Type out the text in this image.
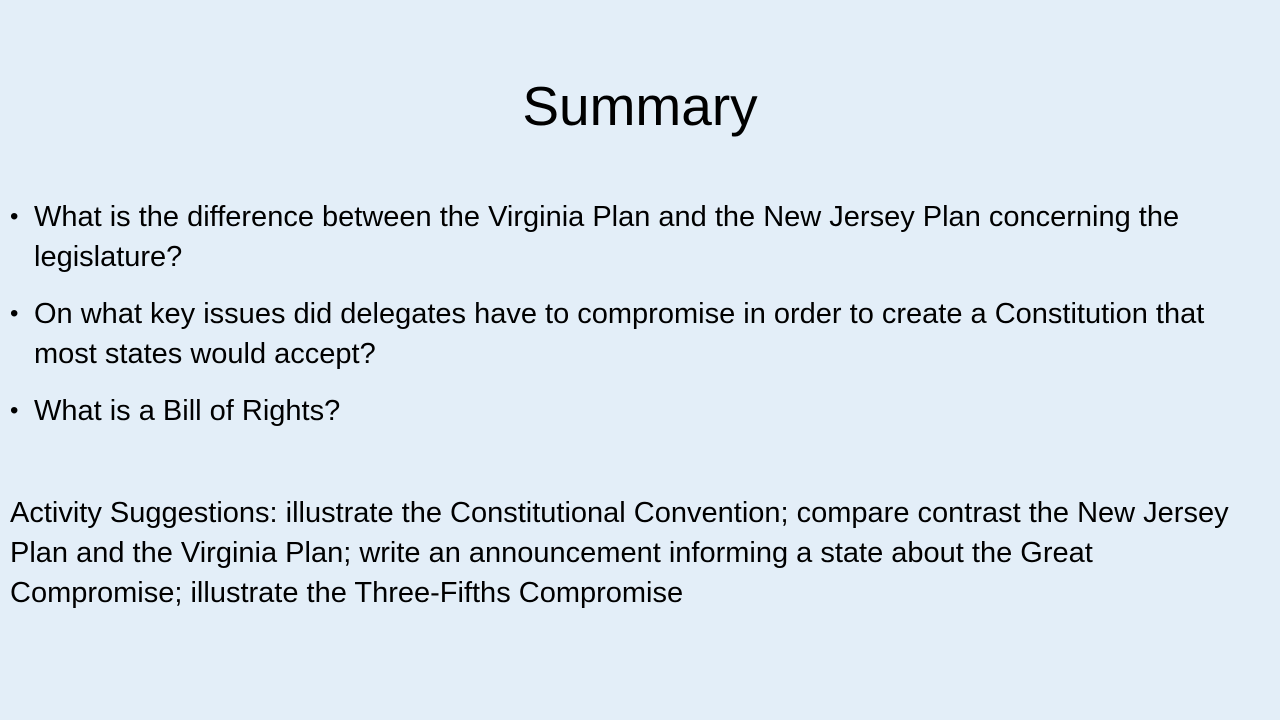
Summary
• What is the difference between the Virginia Plan and the New Jersey Plan concerning the legislature?
• On what key issues did delegates have to compromise in order to create a Constitution that most states would accept?
• What is a Bill of Rights?

Activity Suggestions: illustrate the Constitutional Convention; compare contrast the New Jersey Plan and the Virginia Plan; write an announcement informing a state about the Great Compromise; illustrate the Three-Fifths Compromise
